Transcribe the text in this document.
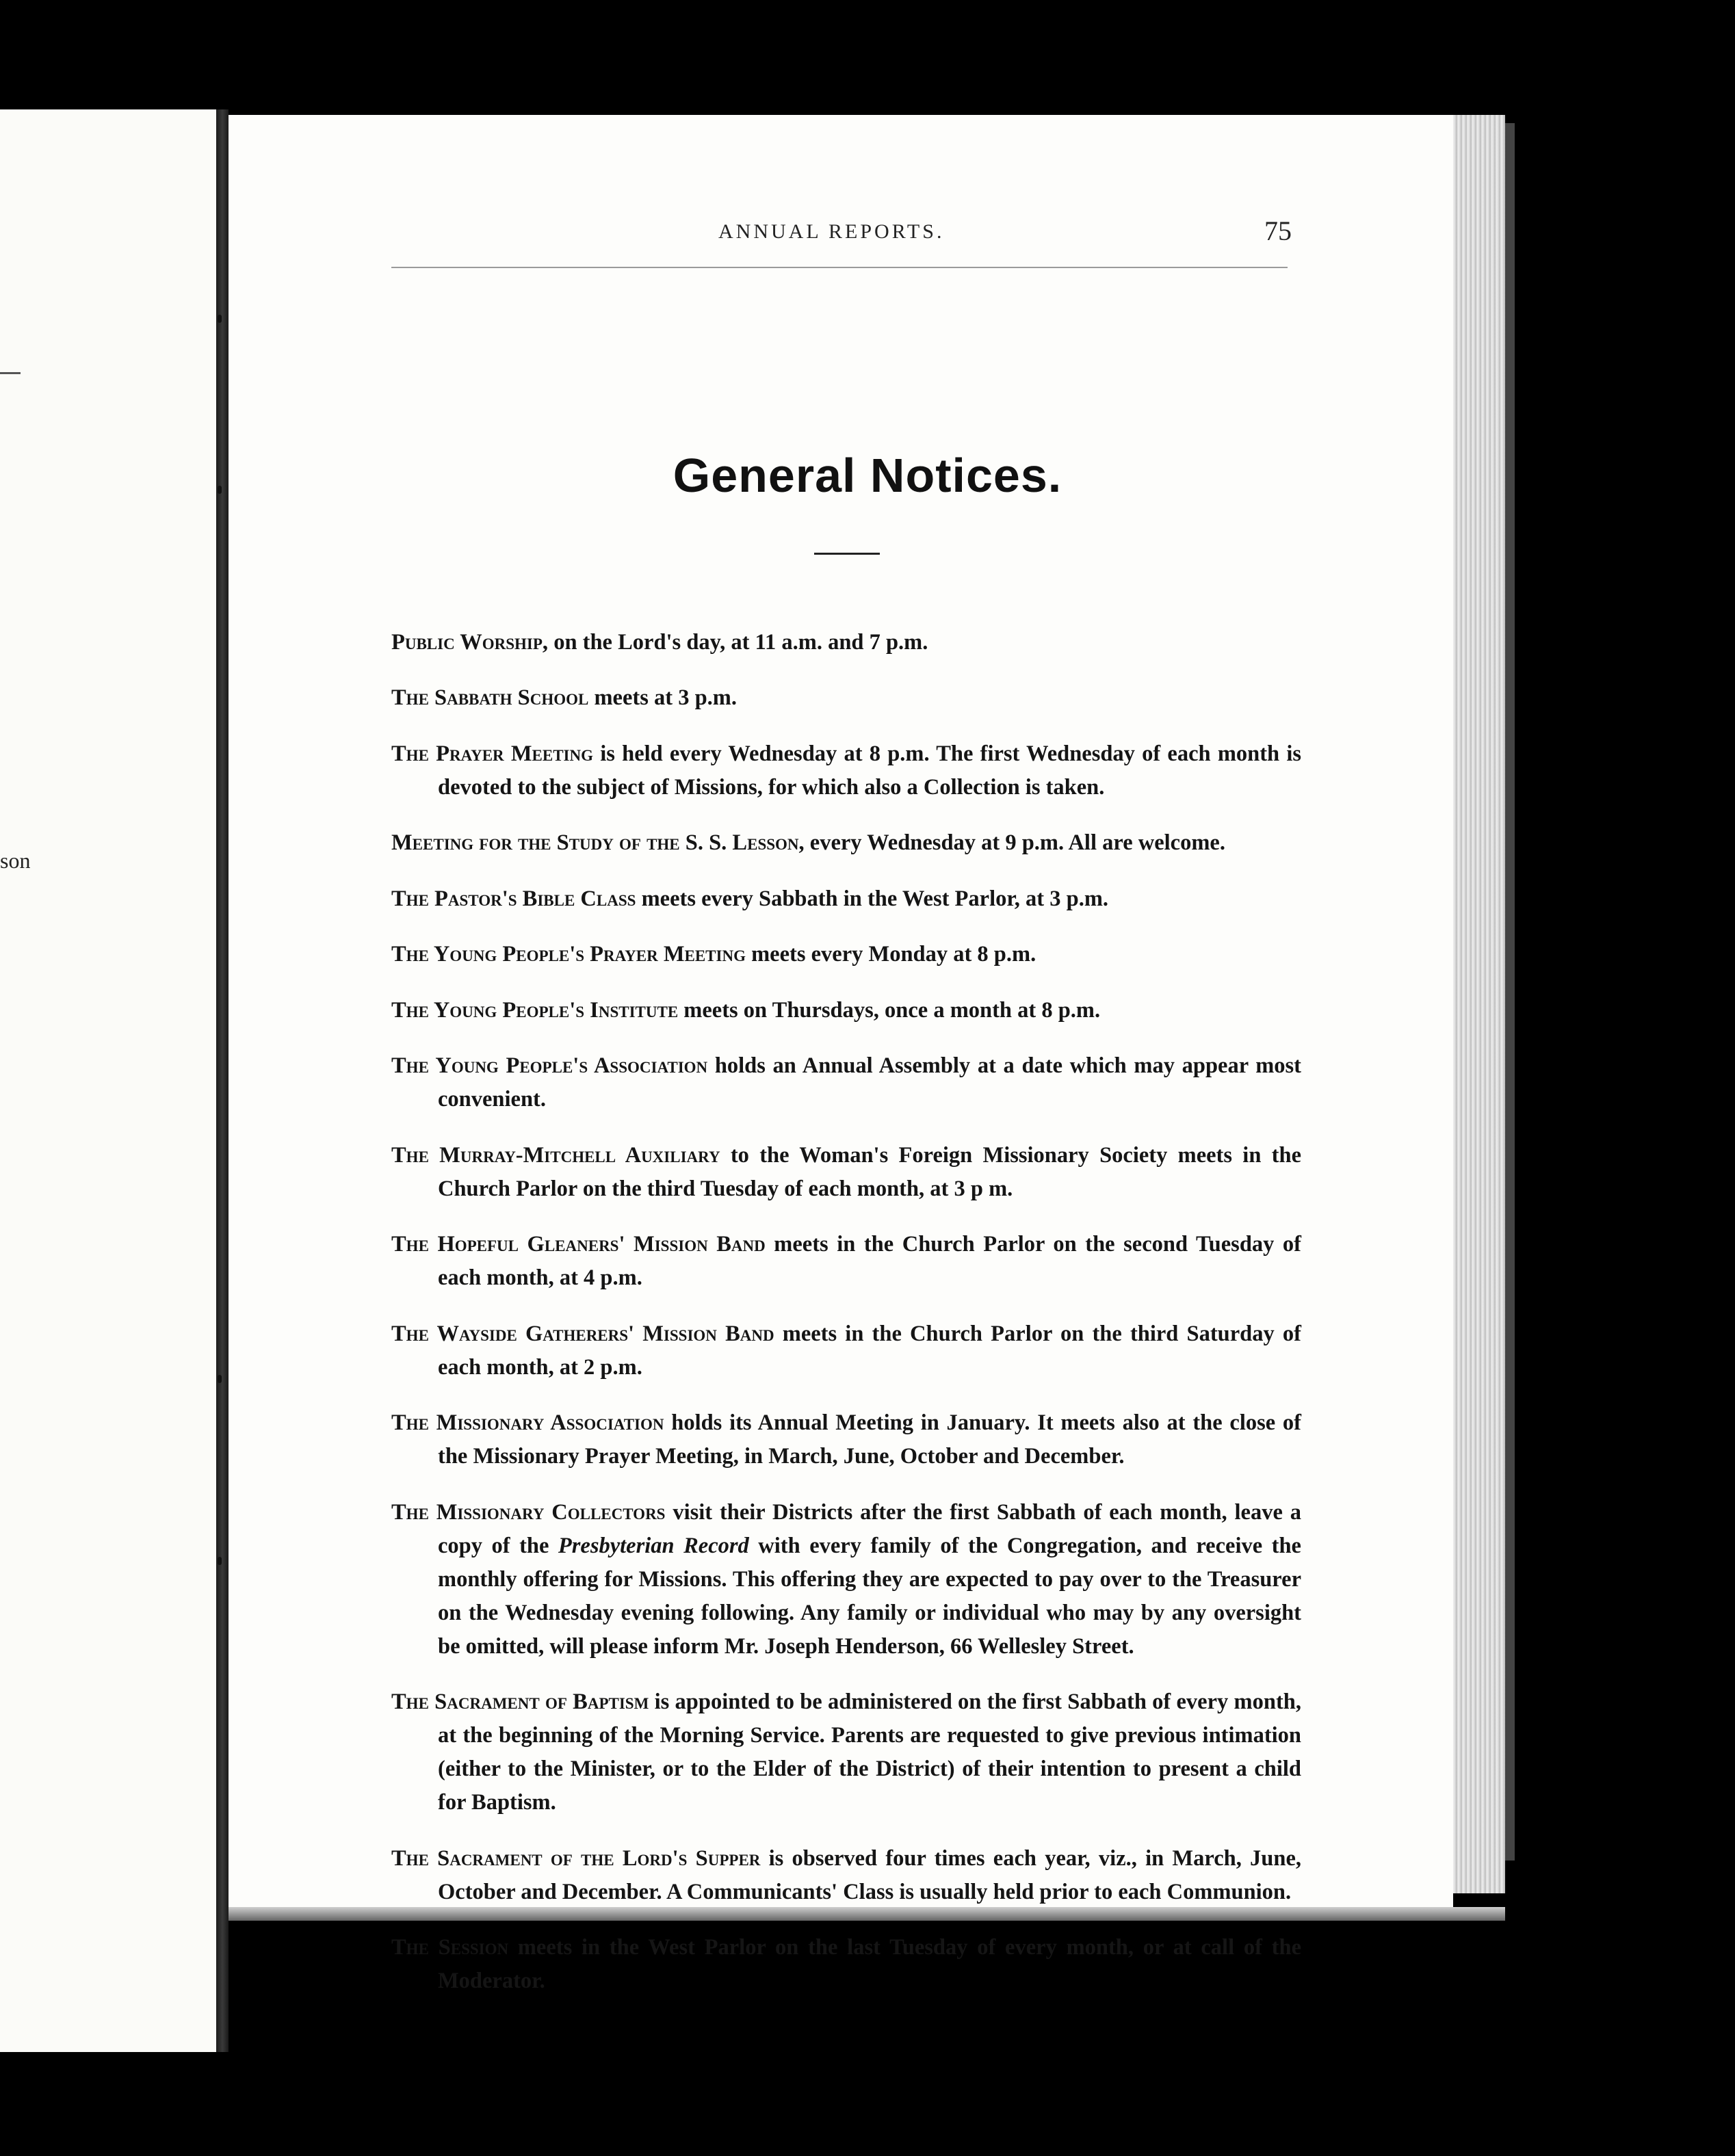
son
ANNUAL REPORTS.	75
General Notices.

Public Worship, on the Lord's day, at 11 a.m. and 7 p.m.

The Sabbath School meets at 3 p.m.

The Prayer Meeting is held every Wednesday at 8 p.m. The first Wednesday of each month is devoted to the subject of Missions, for which also a Collection is taken.

Meeting for the Study of the S. S. Lesson, every Wednesday at 9 p.m. All are welcome.

The Pastor's Bible Class meets every Sabbath in the West Parlor, at 3 p.m.

The Young People's Prayer Meeting meets every Monday at 8 p.m.

The Young People's Institute meets on Thursdays, once a month at 8 p.m.

The Young People's Association holds an Annual Assembly at a date which may appear most convenient.

The Murray-Mitchell Auxiliary to the Woman's Foreign Missionary Society meets in the Church Parlor on the third Tuesday of each month, at 3 p m.

The Hopeful Gleaners' Mission Band meets in the Church Parlor on the second Tuesday of each month, at 4 p.m.

The Wayside Gatherers' Mission Band meets in the Church Parlor on the third Saturday of each month, at 2 p.m.

The Missionary Association holds its Annual Meeting in January. It meets also at the close of the Missionary Prayer Meeting, in March, June, October and December.

The Missionary Collectors visit their Districts after the first Sabbath of each month, leave a copy of the Presbyterian Record with every family of the Congregation, and receive the monthly offering for Missions. This offering they are expected to pay over to the Treasurer on the Wednesday evening following. Any family or individual who may by any oversight be omitted, will please inform Mr. Joseph Henderson, 66 Wellesley Street.

The Sacrament of Baptism is appointed to be administered on the first Sabbath of every month, at the beginning of the Morning Service. Parents are requested to give previous intimation (either to the Minister, or to the Elder of the District) of their intention to present a child for Baptism.

The Sacrament of the Lord's Supper is observed four times each year, viz., in March, June, October and December. A Communicants' Class is usually held prior to each Communion.

The Session meets in the West Parlor on the last Tuesday of every month, or at call of the Moderator.
